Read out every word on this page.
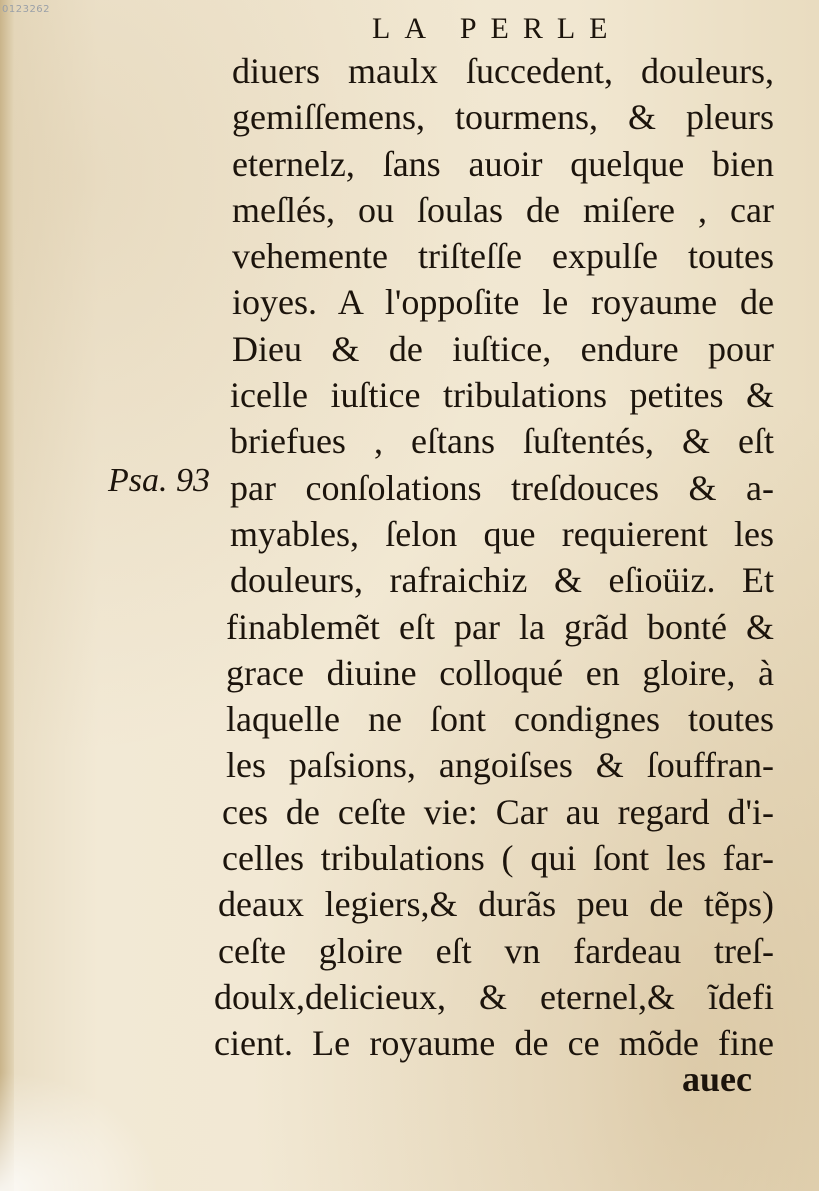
0123262
LA PERLE
Psa. 93
diuers maulx ſuccedent, douleurs,
gemiſſemens, tourmens, & pleurs
eternelz, ſans auoir quelque bien
meſlés, ou ſoulas de miſere , car
vehemente triſteſſe expulſe toutes
ioyes. A l'oppoſite le royaume de
Dieu & de iuſtice, endure pour
icelle iuſtice tribulations petites &
briefues , eſtans ſuſtentés, & eſt
par conſolations treſdouces & a-
myables, ſelon que requierent les
douleurs, rafraichiz & eſioüiz. Et
finablemẽt eſt par la grãd bonté &
grace diuine colloqué en gloire, à
laquelle ne ſont condignes toutes
les paſsions, angoiſses & ſouffran-
ces de ceſte vie: Car au regard d'i-
celles tribulations ( qui ſont les far-
deaux legiers,& durãs peu de tẽps)
ceſte gloire eſt vn fardeau treſ-
doulx,delicieux, & eternel,& ĩdefi
cient. Le royaume de ce mõde fine
auec
